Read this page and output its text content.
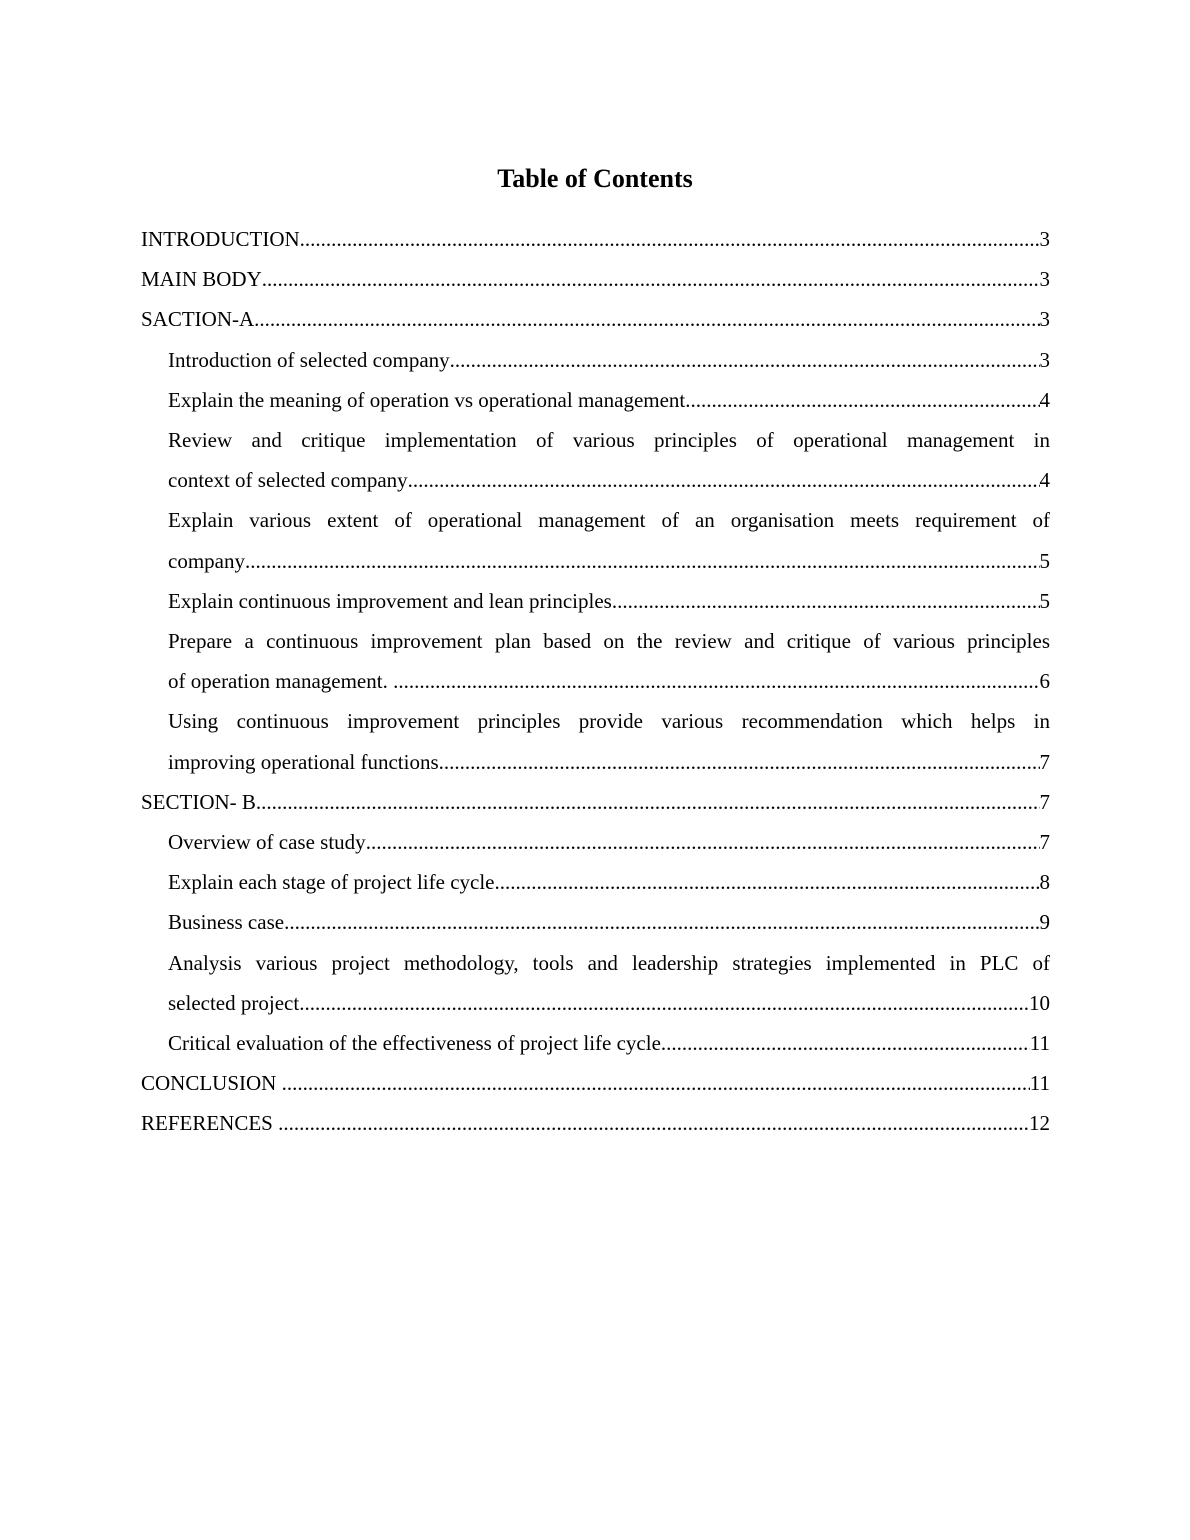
Table of Contents
INTRODUCTION .....	3
MAIN BODY .....	3
SACTION-A .....	3
Introduction of selected company .....	3
Explain the meaning of operation vs operational management .....	4
Review and critique implementation of various principles of operational management in
context of selected company .....	4
Explain various extent of operational management of an organisation meets requirement of
company .....	5
Explain continuous improvement and lean principles .....	5
Prepare a continuous improvement plan based on the review and critique of various principles
of operation management. .....	6
Using continuous improvement principles provide various recommendation which helps in
improving operational functions .....	7
SECTION- B .....	7
Overview of case study .....	7
Explain each stage of project life cycle .....	8
Business case .....	9
Analysis various project methodology, tools and leadership strategies implemented in PLC of
selected project .....	10
Critical evaluation of the effectiveness of project life cycle .....	11
CONCLUSION .....	11
REFERENCES .....	12
